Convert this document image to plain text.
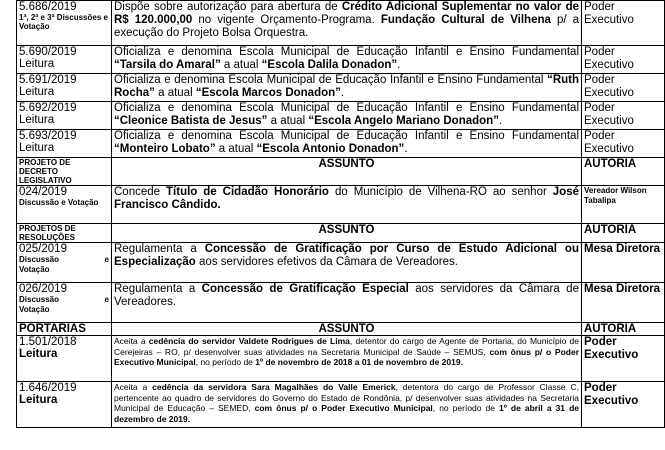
5.686/2019
1ª, 2ª e 3ª Discussões e Votação	Dispõe sobre autorização para abertura de Crédito Adicional Suplementar no valor de R$ 120.000,00 no vigente Orçamento-Programa. Fundação Cultural de Vilhena p/ a execução do Projeto Bolsa Orquestra.	Poder Executivo

5.690/2019
Leitura	Oficializa e denomina Escola Municipal de Educação Infantil e Ensino Fundamental “Tarsila do Amaral” a atual “Escola Dalila Donadon”.	Poder Executivo

5.691/2019
Leitura	Oficializa e denomina Escola Municipal de Educação Infantil e Ensino Fundamental “Ruth Rocha” a atual “Escola Marcos Donadon”.	Poder Executivo

5.692/2019
Leitura	Oficializa e denomina Escola Municipal de Educação Infantil e Ensino Fundamental “Cleonice Batista de Jesus” a atual “Escola Angelo Mariano Donadon”.	Poder Executivo

5.693/2019
Leitura	Oficializa e denomina Escola Municipal de Educação Infantil e Ensino Fundamental “Monteiro Lobato” a atual “Escola Antonio Donadon”.	Poder Executivo

PROJETO DE DECRETO LEGISLATIVO	ASSUNTO	AUTORIA

024/2019
Discussão e Votação	Concede Título de Cidadão Honorário do Município de Vilhena-RO ao senhor José Francisco Cândido.	Vereador Wilson Tabalipa

PROJETOS DE RESOLUÇÕES	ASSUNTO	AUTORIA

025/2019
Discussão e
Votação	Regulamenta a Concessão de Gratificação por Curso de Estudo Adicional ou Especialização aos servidores efetivos da Câmara de Vereadores.	Mesa Diretora

026/2019
Discussão e
Votação	Regulamenta a Concessão de Gratificação Especial aos servidores da Câmara de Vereadores.	Mesa Diretora

PORTARIAS	ASSUNTO	AUTORIA

1.501/2018
Leitura	Aceita a cedência do servidor Valdete Rodrigues de Lima, detentor do cargo de Agente de Portaria, do Município de Cerejeiras – RO, p/ desenvolver suas atividades na Secretaria Municipal de Saúde – SEMUS, com ônus p/ o Poder Executivo Municipal, no período de 1º de novembro de 2018 a 01 de novembro de 2019.	Poder Executivo

1.646/2019
Leitura	Aceita a cedência da servidora Sara Magalhães do Valle Emerick, detentora do cargo de Professor Classe C, pertencente ao quadro de servidores do Governo do Estado de Rondônia, p/ desenvolver suas atividades na Secretaria Municipal de Educação – SEMED, com ônus p/ o Poder Executivo Municipal, no período de 1º de abril a 31 de dezembro de 2019.	Poder Executivo
